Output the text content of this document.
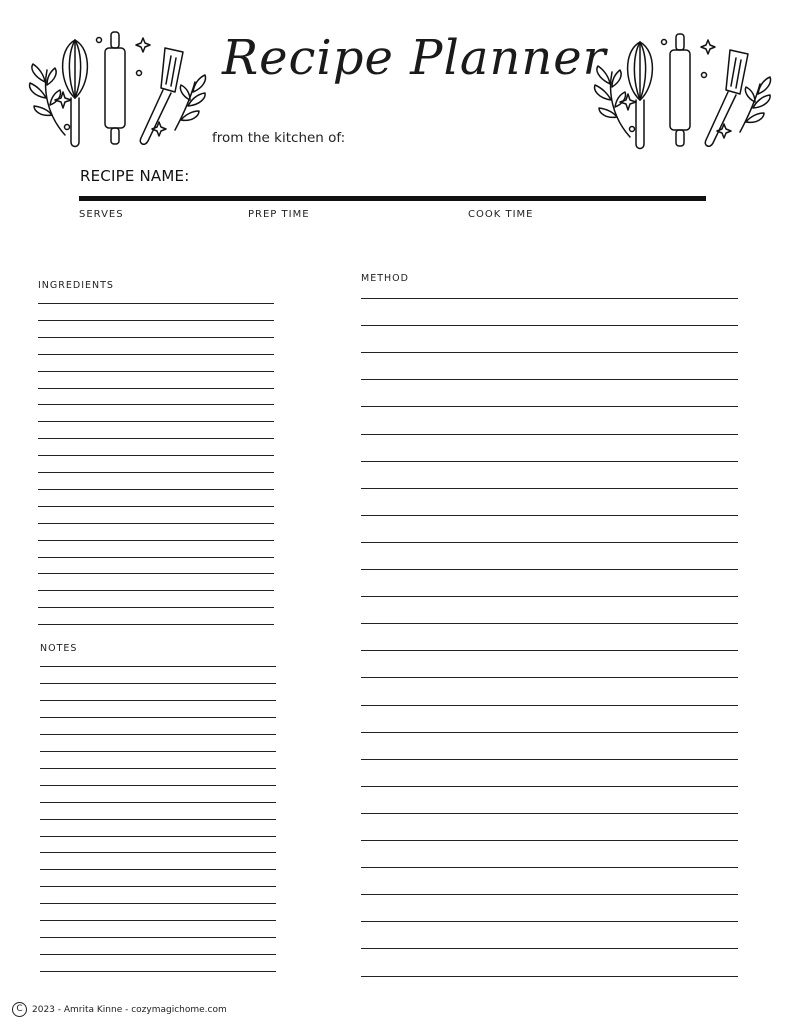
Recipe Planner
from the kitchen of:
RECIPE NAME:
SERVES	PREP TIME	COOK TIME
INGREDIENTS
NOTES
METHOD
C	2023 - Amrita Kinne - cozymagichome.com
